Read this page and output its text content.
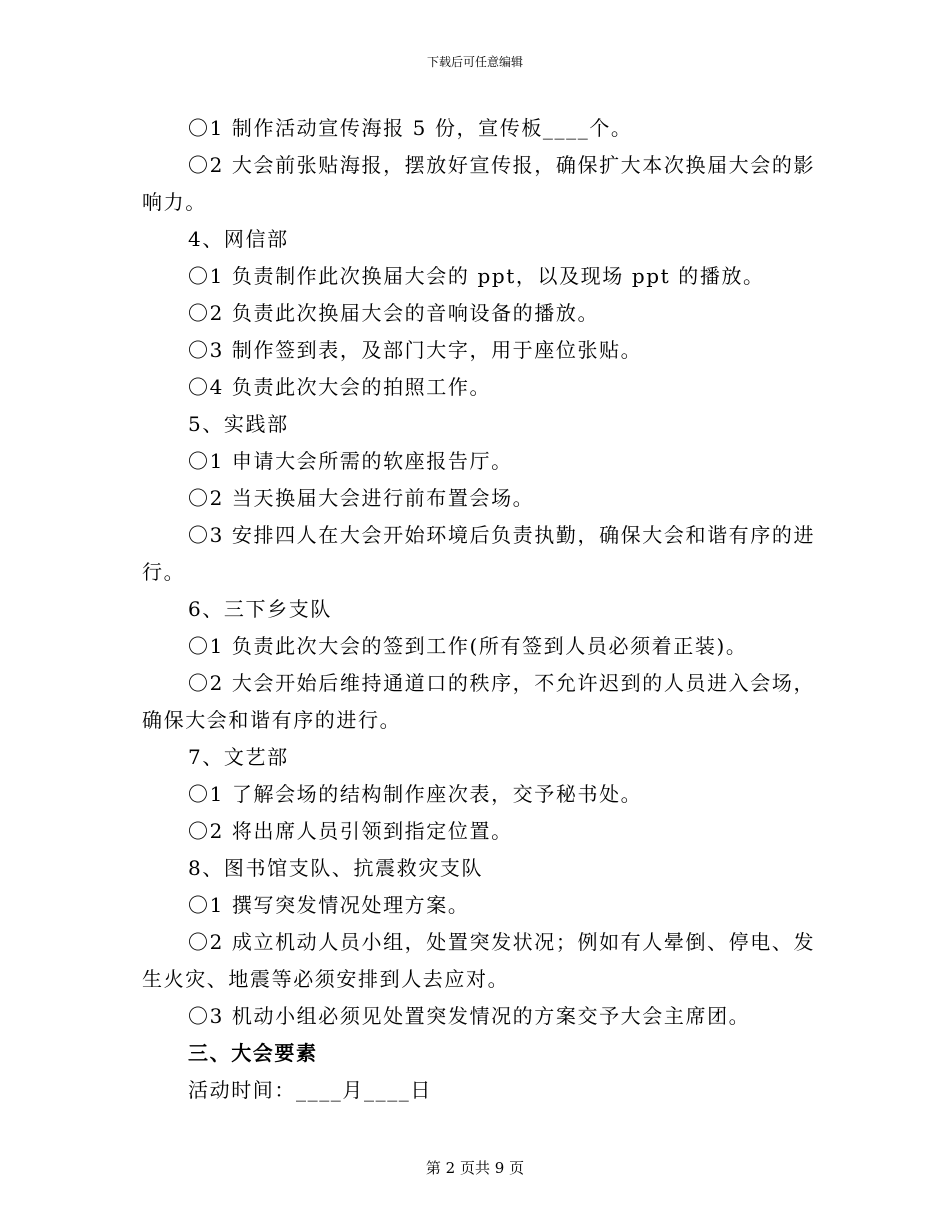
下载后可任意编辑
〇1 制作活动宣传海报 5 份，宣传板____个。
〇2 大会前张贴海报，摆放好宣传报，确保扩大本次换届大会的影
响力。
4、网信部
〇1 负责制作此次换届大会的 ppt，以及现场 ppt 的播放。
〇2 负责此次换届大会的音响设备的播放。
〇3 制作签到表，及部门大字，用于座位张贴。
〇4 负责此次大会的拍照工作。
5、实践部
〇1 申请大会所需的软座报告厅。
〇2 当天换届大会进行前布置会场。
〇3 安排四人在大会开始环境后负责执勤，确保大会和谐有序的进
行。
6、三下乡支队
〇1 负责此次大会的签到工作(所有签到人员必须着正装)。
〇2 大会开始后维持通道口的秩序，不允许迟到的人员进入会场，
确保大会和谐有序的进行。
7、文艺部
〇1 了解会场的结构制作座次表，交予秘书处。
〇2 将出席人员引领到指定位置。
8、图书馆支队、抗震救灾支队
〇1 撰写突发情况处理方案。
〇2 成立机动人员小组，处置突发状况；例如有人晕倒、停电、发
生火灾、地震等必须安排到人去应对。
〇3 机动小组必须见处置突发情况的方案交予大会主席团。
三、大会要素
活动时间：____月____日
第 2 页共 9 页
